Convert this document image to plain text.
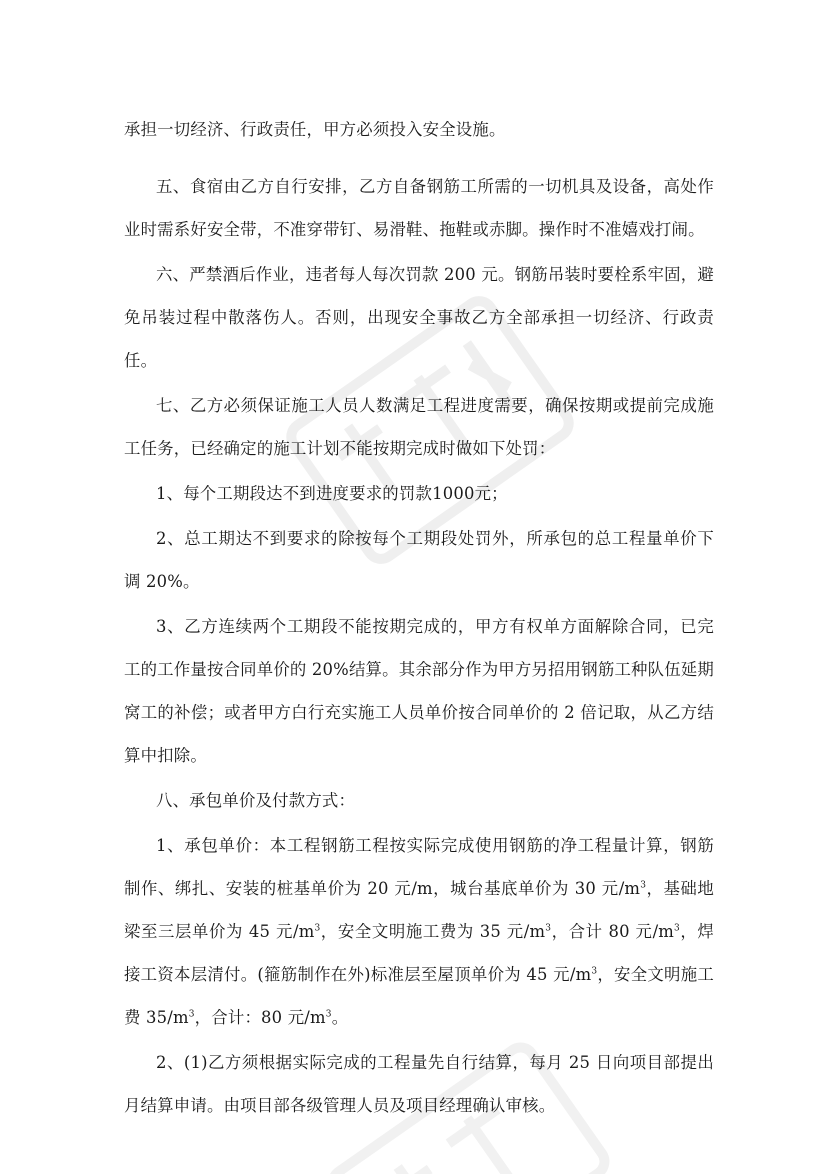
承担一切经济、行政责任，甲方必须投入安全设施。

五、食宿由乙方自行安排，乙方自备钢筋工所需的一切机具及设备，高处作业时需系好安全带，不准穿带钉、易滑鞋、拖鞋或赤脚。操作时不准嬉戏打闹。

六、严禁酒后作业，违者每人每次罚款 200 元。钢筋吊装时要栓系牢固，避免吊装过程中散落伤人。否则，出现安全事故乙方全部承担一切经济、行政责任。

七、乙方必须保证施工人员人数满足工程进度需要，确保按期或提前完成施工任务，已经确定的施工计划不能按期完成时做如下处罚：

1、每个工期段达不到进度要求的罚款1000元；

2、总工期达不到要求的除按每个工期段处罚外，所承包的总工程量单价下调 20%。

3、乙方连续两个工期段不能按期完成的，甲方有权单方面解除合同，已完工的工作量按合同单价的 20%结算。其余部分作为甲方另招用钢筋工种队伍延期窝工的补偿；或者甲方白行充实施工人员单价按合同单价的 2 倍记取，从乙方结算中扣除。

八、承包单价及付款方式：

1、承包单价：本工程钢筋工程按实际完成使用钢筋的净工程量计算，钢筋制作、绑扎、安装的桩基单价为 20 元/m，城台基底单价为 30 元$/m^3$，基础地梁至三层单价为 45 元$/m^3$，安全文明施工费为 35 元$/m^3$，合计 80 元$/m^3$，焊接工资本层清付。(箍筋制作在外)标准层至屋顶单价为 45 元$/m^3$，安全文明施工费 $35/m^3$，合计：80 元$/m^3$。

2、(1)乙方须根据实际完成的工程量先自行结算，每月 25 日向项目部提出月结算申请。由项目部各级管理人员及项目经理确认审核。
